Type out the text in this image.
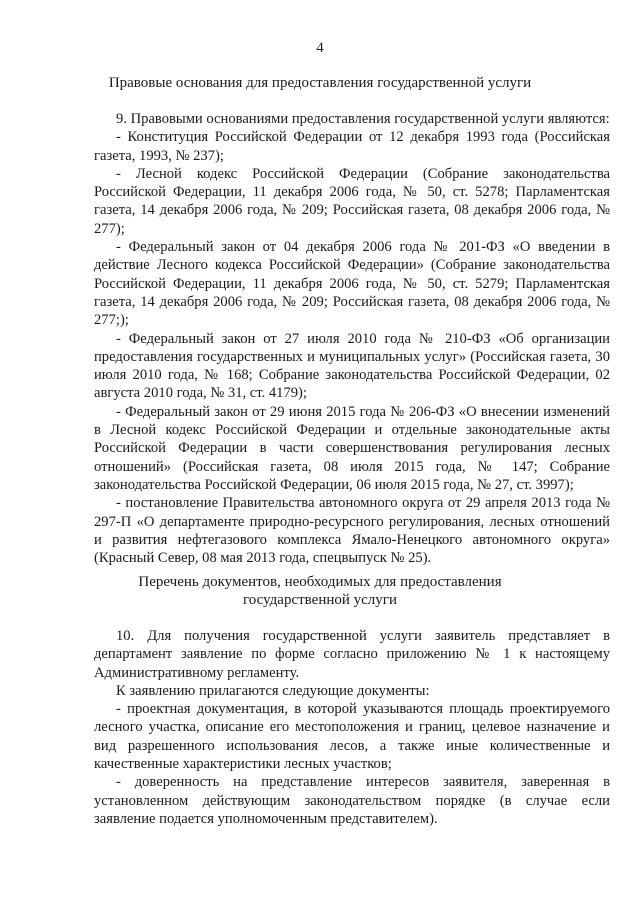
4
Правовые основания для предоставления государственной услуги

9. Правовыми основаниями предоставления государственной услуги являются:

- Конституция Российской Федерации от 12 декабря 1993 года (Российская газета, 1993, № 237);

- Лесной кодекс Российской Федерации (Собрание законодательства Российской Федерации, 11 декабря 2006 года, № 50, ст. 5278; Парламентская газета, 14 декабря 2006 года, № 209; Российская газета, 08 декабря 2006 года, № 277);

- Федеральный закон от 04 декабря 2006 года № 201-ФЗ «О введении в действие Лесного кодекса Российской Федерации» (Собрание законодательства Российской Федерации, 11 декабря 2006 года, № 50, ст. 5279; Парламентская газета, 14 декабря 2006 года, № 209; Российская газета, 08 декабря 2006 года, № 277;);

- Федеральный закон от 27 июля 2010 года № 210-ФЗ «Об организации предоставления государственных и муниципальных услуг» (Российская газета, 30 июля 2010 года, № 168; Собрание законодательства Российской Федерации, 02 августа 2010 года, № 31, ст. 4179);

- Федеральный закон от 29 июня 2015 года № 206-ФЗ «О внесении изменений в Лесной кодекс Российской Федерации и отдельные законодательные акты Российской Федерации в части совершенствования регулирования лесных отношений» (Российская газета, 08 июля 2015 года, № 147; Собрание законодательства Российской Федерации, 06 июля 2015 года, № 27, ст. 3997);

- постановление Правительства автономного округа от 29 апреля 2013 года № 297-П «О департаменте природно-ресурсного регулирования, лесных отношений и развития нефтегазового комплекса Ямало-Ненецкого автономного округа» (Красный Север, 08 мая 2013 года, спецвыпуск № 25).

Перечень документов, необходимых для предоставления
государственной услуги

10. Для получения государственной услуги заявитель представляет в департамент заявление по форме согласно приложению № 1 к настоящему Административному регламенту.

К заявлению прилагаются следующие документы:

- проектная документация, в которой указываются площадь проектируемого лесного участка, описание его местоположения и границ, целевое назначение и вид разрешенного использования лесов, а также иные количественные и качественные характеристики лесных участков;

- доверенность на представление интересов заявителя, заверенная в установленном действующим законодательством порядке (в случае если заявление подается уполномоченным представителем).
